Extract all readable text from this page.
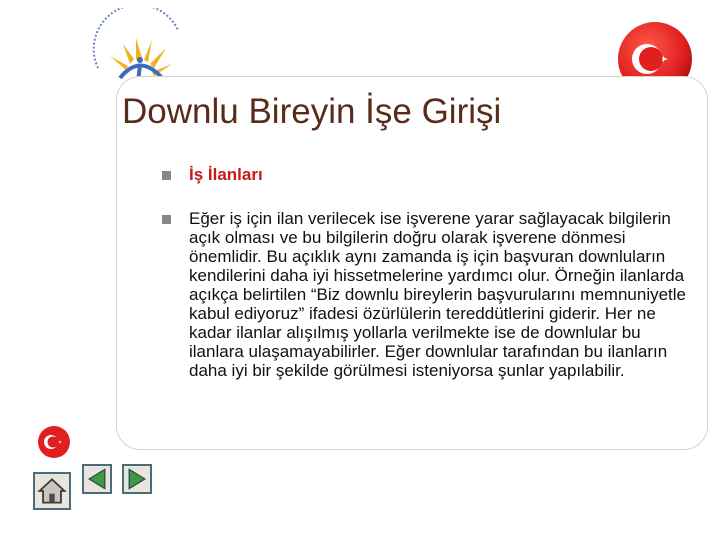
Downlu Bireyin İşe Girişi
İş İlanları
Eğer iş için ilan verilecek ise işverene yarar sağlayacak bilgilerin açık olması ve bu bilgilerin doğru olarak işverene dönmesi önemlidir. Bu açıklık aynı zamanda iş için başvuran downluların kendilerini daha iyi hissetmelerine yardımcı olur. Örneğin ilanlarda açıkça belirtilen “Biz downlu bireylerin başvurularını memnuniyetle kabul ediyoruz” ifadesi özürlülerin tereddütlerini giderir. Her ne kadar ilanlar alışılmış yollarla verilmekte ise de downlular bu ilanlara ulaşamayabilirler. Eğer downlular tarafından bu ilanların daha iyi bir şekilde görülmesi isteniyorsa şunlar yapılabilir.
